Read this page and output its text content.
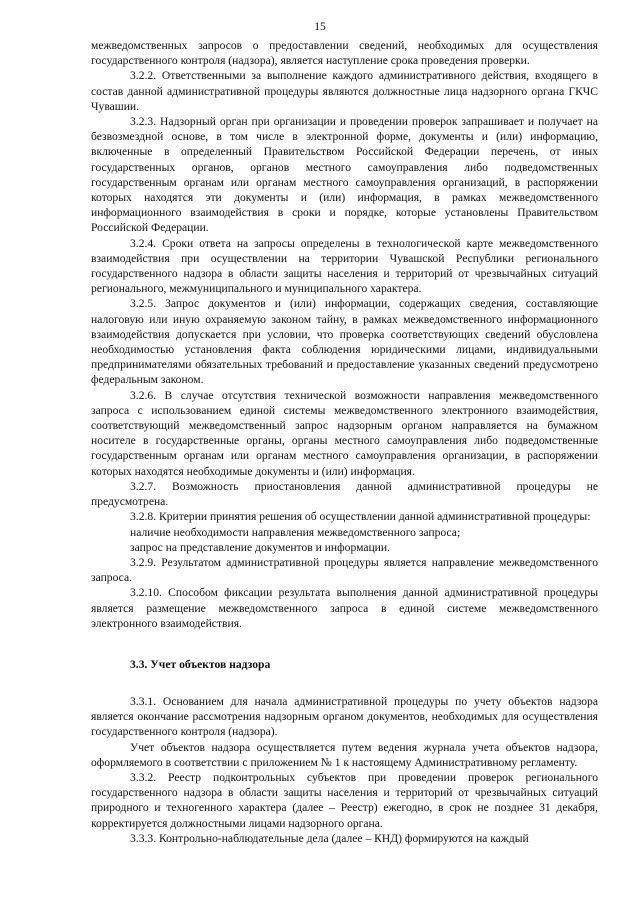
15

межведомственных запросов о предоставлении сведений, необходимых для осуществления государственного контроля (надзора), является наступление срока проведения проверки.

3.2.2. Ответственными за выполнение каждого административного действия, входящего в состав данной административной процедуры являются должностные лица надзорного органа ГКЧС Чувашии.

3.2.3. Надзорный орган при организации и проведении проверок запрашивает и получает на безвозмездной основе, в том числе в электронной форме, документы и (или) информацию, включенные в определенный Правительством Российской Федерации перечень, от иных государственных органов, органов местного самоуправления либо подведомственных государственным органам или органам местного самоуправления организаций, в распоряжении которых находятся эти документы и (или) информация, в рамках межведомственного информационного взаимодействия в сроки и порядке, которые установлены Правительством Российской Федерации.

3.2.4. Сроки ответа на запросы определены в технологической карте межведомственного взаимодействия при осуществлении на территории Чувашской Республики регионального государственного надзора в области защиты населения и территорий от чрезвычайных ситуаций регионального, межмуниципального и муниципального характера.

3.2.5. Запрос документов и (или) информации, содержащих сведения, составляющие налоговую или иную охраняемую законом тайну, в рамках межведомственного информационного взаимодействия допускается при условии, что проверка соответствующих сведений обусловлена необходимостью установления факта соблюдения юридическими лицами, индивидуальными предпринимателями обязательных требований и предоставление указанных сведений предусмотрено федеральным законом.

3.2.6. В случае отсутствия технической возможности направления межведомственного запроса с использованием единой системы межведомственного электронного взаимодействия, соответствующий межведомственный запрос надзорным органом направляется на бумажном носителе в государственные органы, органы местного самоуправления либо подведомственные государственным органам или органам местного самоуправления организации, в распоряжении которых находятся необходимые документы и (или) информация.

3.2.7. Возможность приостановления данной административной процедуры не предусмотрена.

3.2.8. Критерии принятия решения об осуществлении данной административной процедуры:

наличие необходимости направления межведомственного запроса;

запрос на представление документов и информации.

3.2.9. Результатом административной процедуры является направление межведомственного запроса.

3.2.10. Способом фиксации результата выполнения данной административной процедуры является размещение межведомственного запроса в единой системе межведомственного электронного взаимодействия.

3.3. Учет объектов надзора

3.3.1. Основанием для начала административной процедуры по учету объектов надзора является окончание рассмотрения надзорным органом документов, необходимых для осуществления государственного контроля (надзора).

Учет объектов надзора осуществляется путем ведения журнала учета объектов надзора, оформляемого в соответствии с приложением № 1 к настоящему Административному регламенту.

3.3.2. Реестр подконтрольных субъектов при проведении проверок регионального государственного надзора в области защиты населения и территорий от чрезвычайных ситуаций природного и техногенного характера (далее – Реестр) ежегодно, в срок не позднее 31 декабря, корректируется должностными лицами надзорного органа.

3.3.3. Контрольно-наблюдательные дела (далее – КНД) формируются на каждый
